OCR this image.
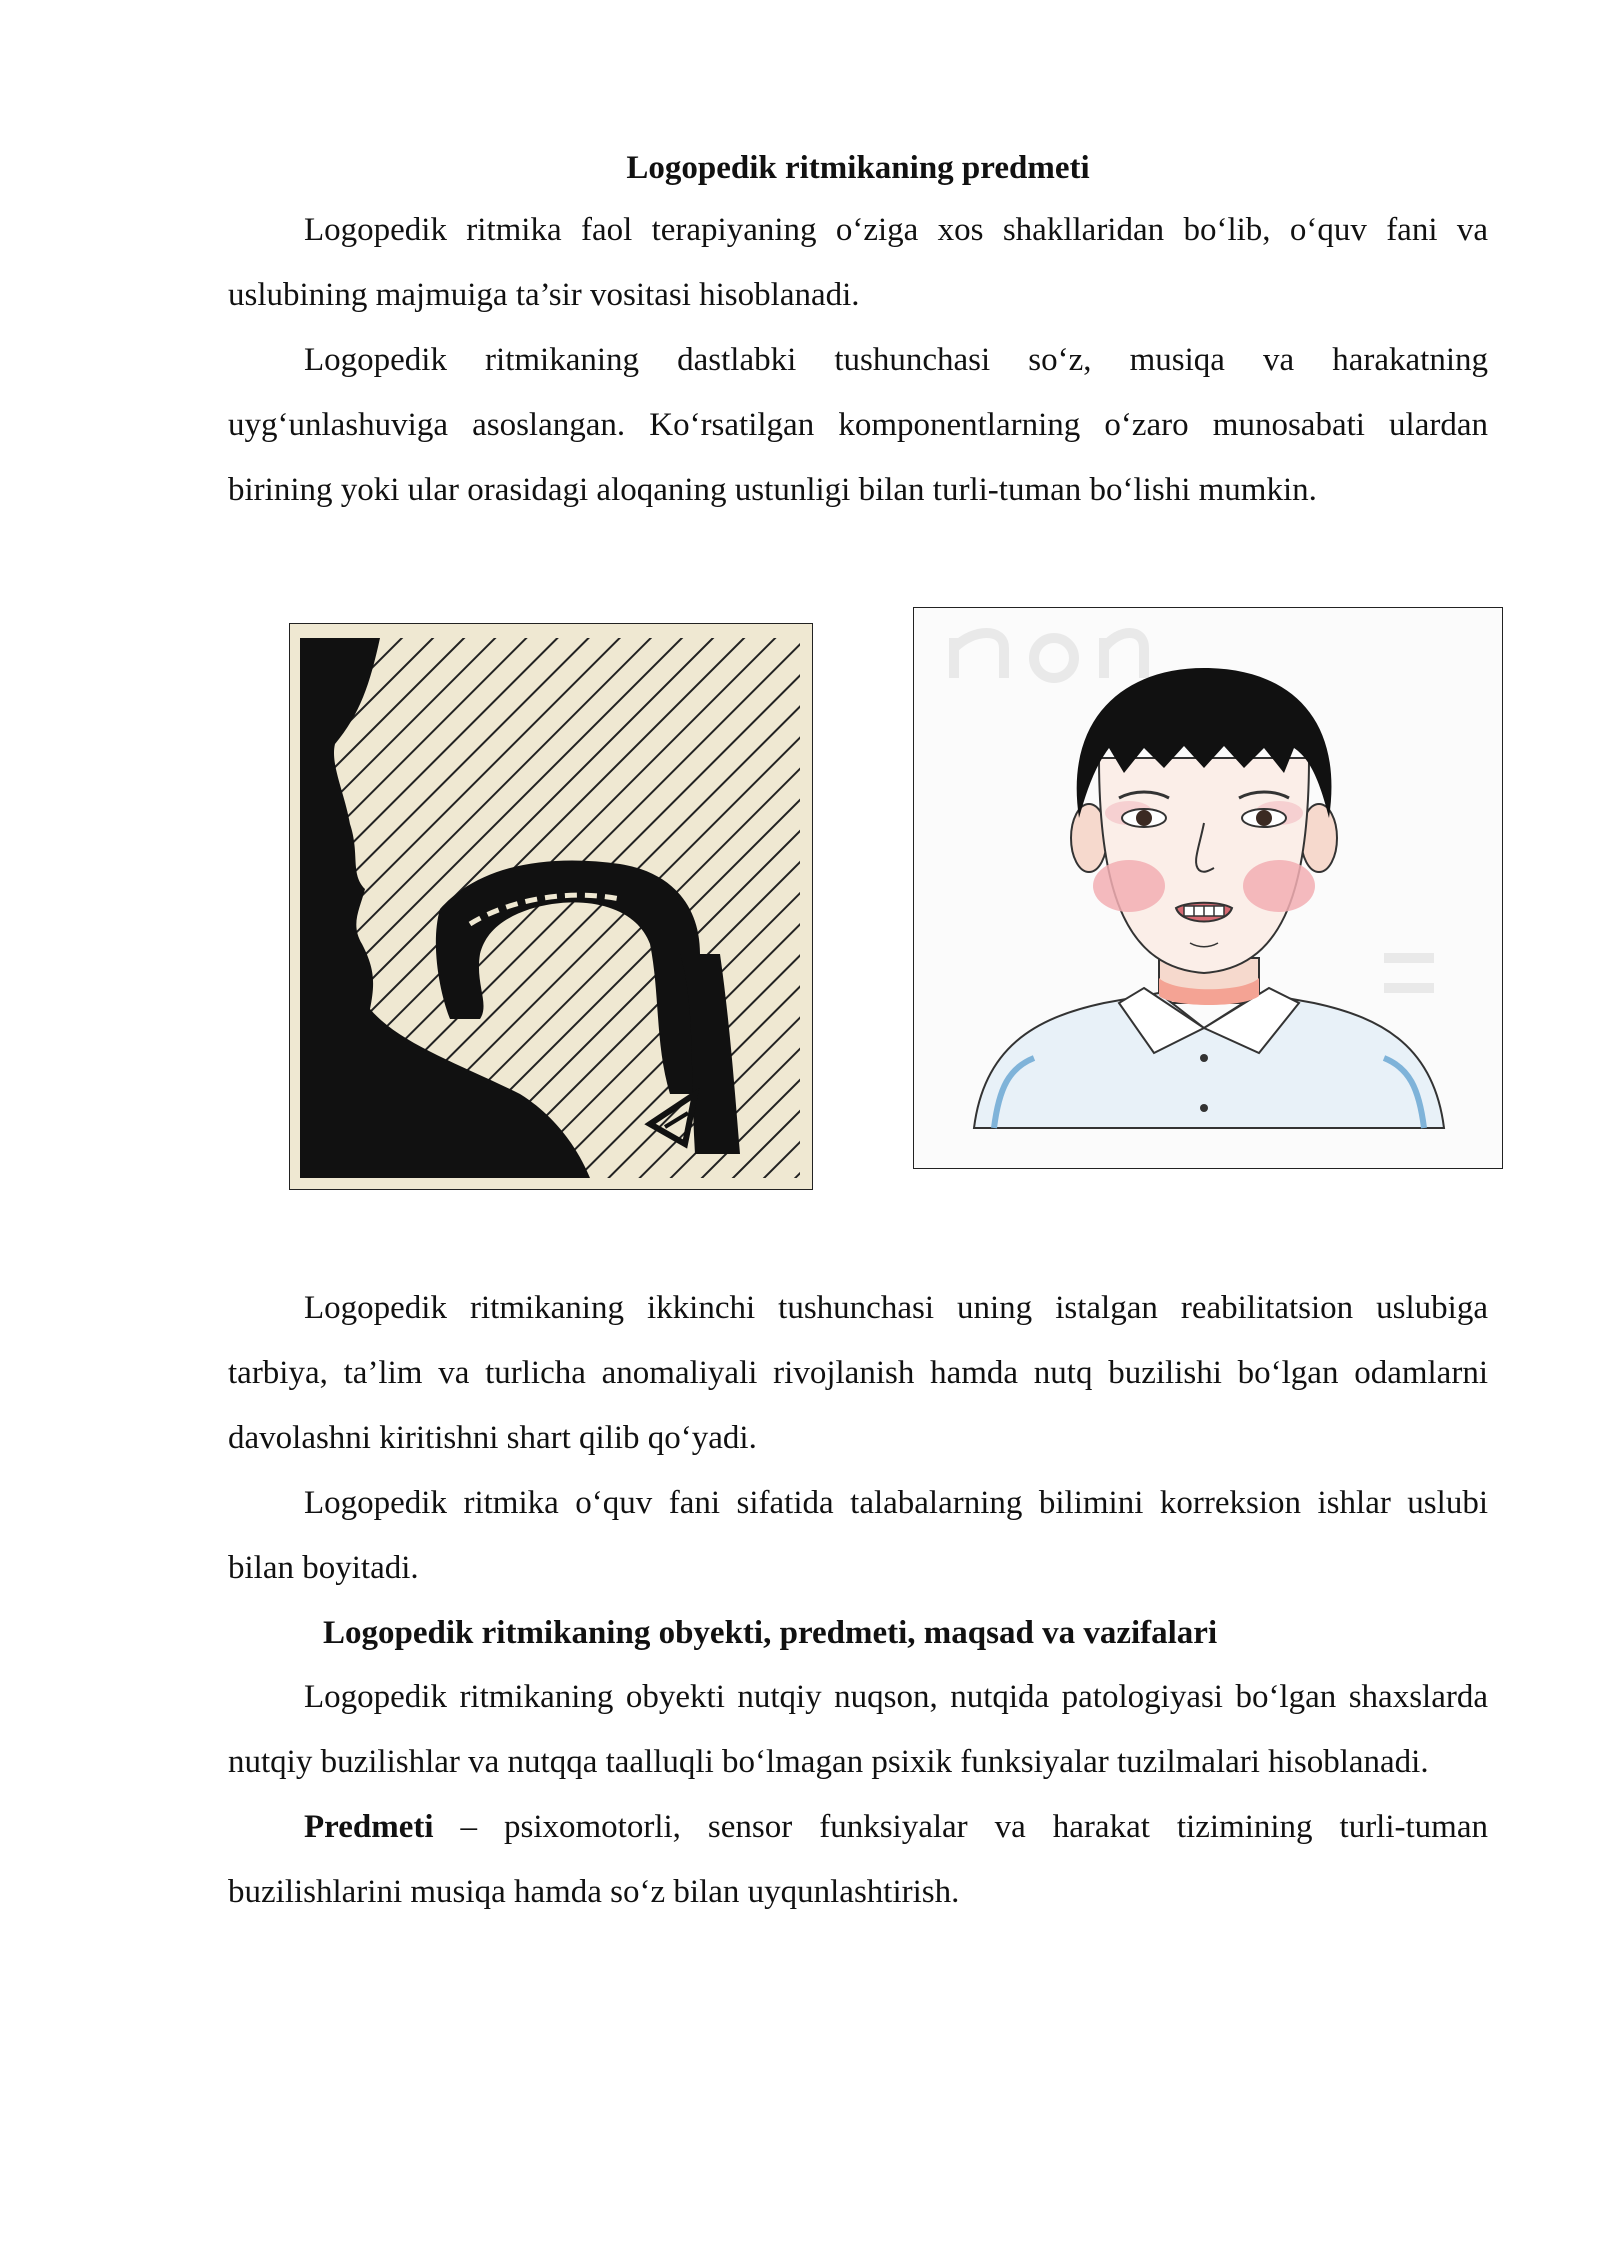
Logopedik ritmikaning predmeti

Logopedik ritmika faol terapiyaning o‘ziga xos shakllaridan bo‘lib, o‘quv fani va uslubining majmuiga ta’sir vositasi hisoblanadi.

Logopedik ritmikaning dastlabki tushunchasi so‘z, musiqa va harakatning uyg‘unlashuviga asoslangan. Ko‘rsatilgan komponentlarning o‘zaro munosabati ulardan birining yoki ular orasidagi aloqaning ustunligi bilan turli-tuman bo‘lishi mumkin.

Logopedik ritmikaning ikkinchi tushunchasi uning istalgan reabilitatsion uslubiga tarbiya, ta’lim va turlicha anomaliyali rivojlanish hamda nutq buzilishi bo‘lgan odamlarni davolashni kiritishni shart qilib qo‘yadi.

Logopedik ritmika o‘quv fani sifatida talabalarning bilimini korreksion ishlar uslubi bilan boyitadi.

Logopedik ritmikaning obyekti, predmeti, maqsad va vazifalari

Logopedik ritmikaning obyekti nutqiy nuqson, nutqida patologiyasi bo‘lgan shaxslarda nutqiy buzilishlar va nutqqa taalluqli bo‘lmagan psixik funksiyalar tuzilmalari hisoblanadi.

Predmeti – psixomotorli, sensor funksiyalar va harakat tizimining turli-tuman buzilishlarini musiqa hamda so‘z bilan uyqunlashtirish.
